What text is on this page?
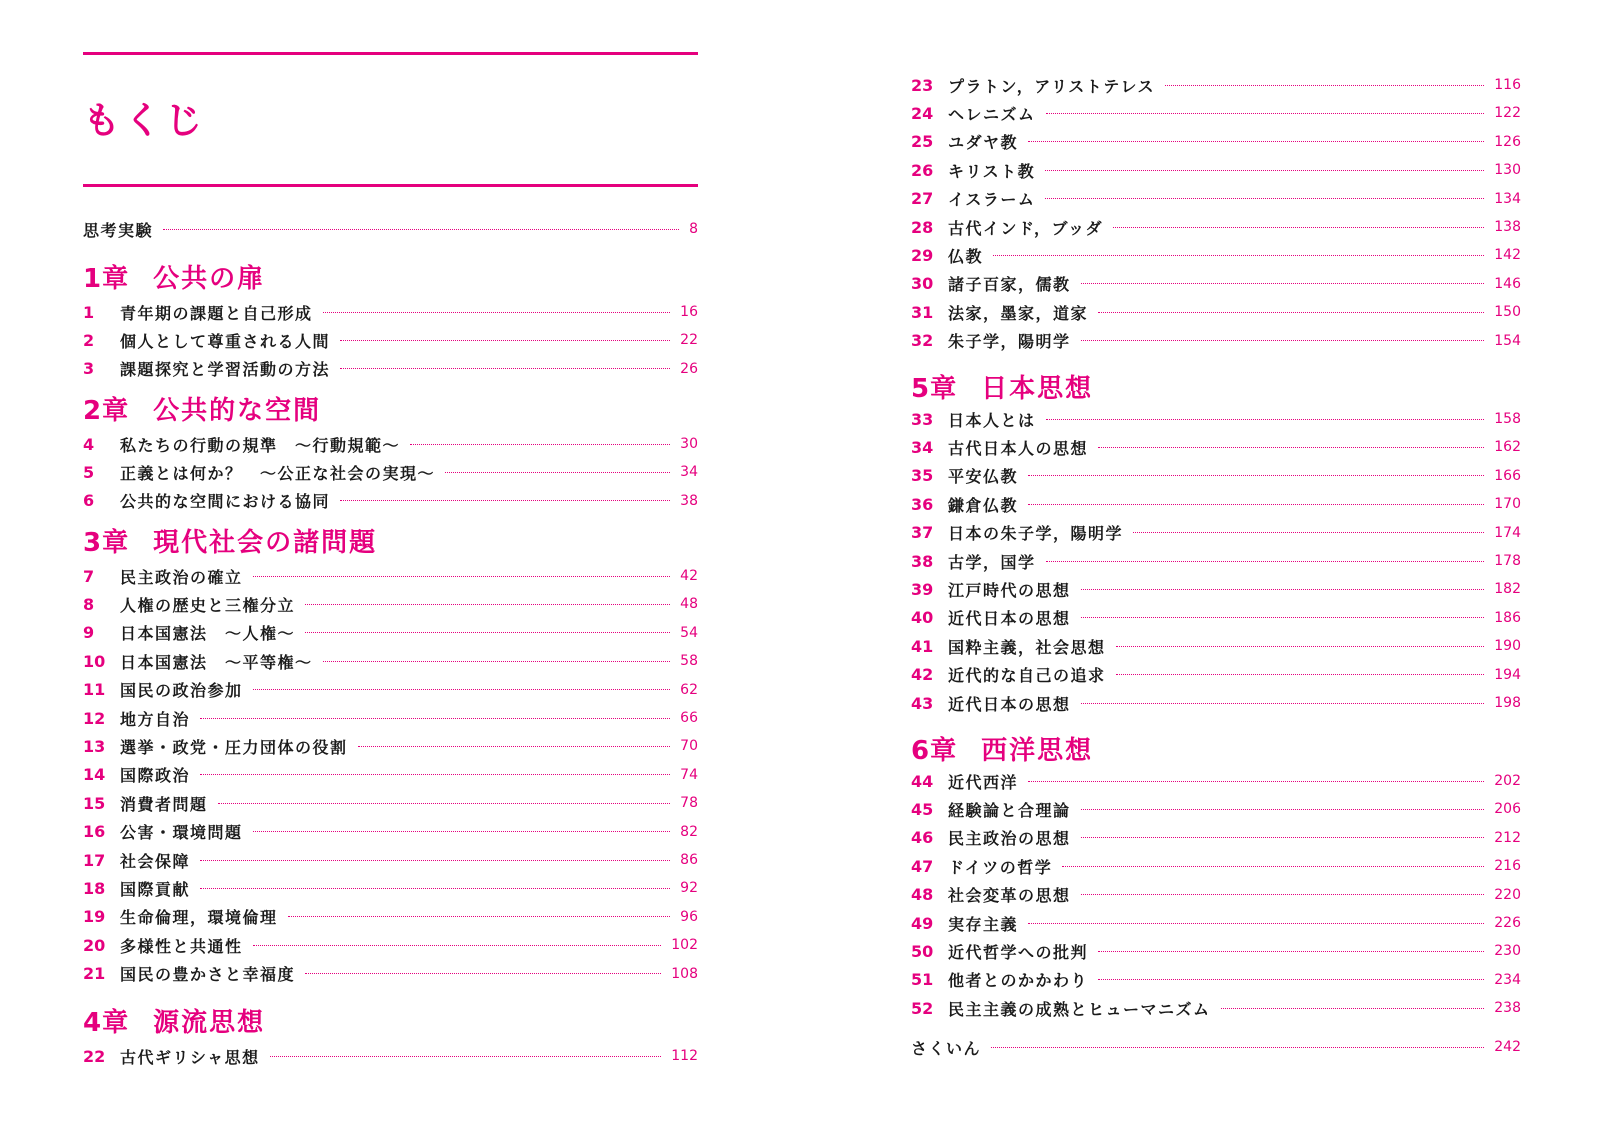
もくじ
思考実験	8
1章 公共の扉
1	青年期の課題と自己形成	16
2	個人として尊重される人間	22
3	課題探究と学習活動の方法	26
2章 公共的な空間
4	私たちの行動の規準　～行動規範～	30
5	正義とは何か？　～公正な社会の実現～	34
6	公共的な空間における協同	38
3章 現代社会の諸問題
7	民主政治の確立	42
8	人権の歴史と三権分立	48
9	日本国憲法　～人権～	54
10 日本国憲法　～平等権～	58
11 国民の政治参加	62
12 地方自治	66
13 選挙・政党・圧力団体の役割	70
14 国際政治	74
15 消費者問題	78
16 公害・環境問題	82
17 社会保障	86
18 国際貢献	92
19 生命倫理，環境倫理	96
20 多様性と共通性	102
21 国民の豊かさと幸福度	108
4章 源流思想
22 古代ギリシャ思想	112
23 プラトン，アリストテレス	116
24 ヘレニズム	122
25 ユダヤ教	126
26 キリスト教	130
27 イスラーム	134
28 古代インド，ブッダ	138
29 仏教	142
30 諸子百家，儒教	146
31 法家，墨家，道家	150
32 朱子学，陽明学	154
5章 日本思想
33 日本人とは	158
34 古代日本人の思想	162
35 平安仏教	166
36 鎌倉仏教	170
37 日本の朱子学，陽明学	174
38 古学，国学	178
39 江戸時代の思想	182
40 近代日本の思想	186
41 国粋主義，社会思想	190
42 近代的な自己の追求	194
43 近代日本の思想	198
6章 西洋思想
44 近代西洋	202
45 経験論と合理論	206
46 民主政治の思想	212
47 ドイツの哲学	216
48 社会変革の思想	220
49 実存主義	226
50 近代哲学への批判	230
51 他者とのかかわり	234
52 民主主義の成熟とヒューマニズム	238
さくいん	242
